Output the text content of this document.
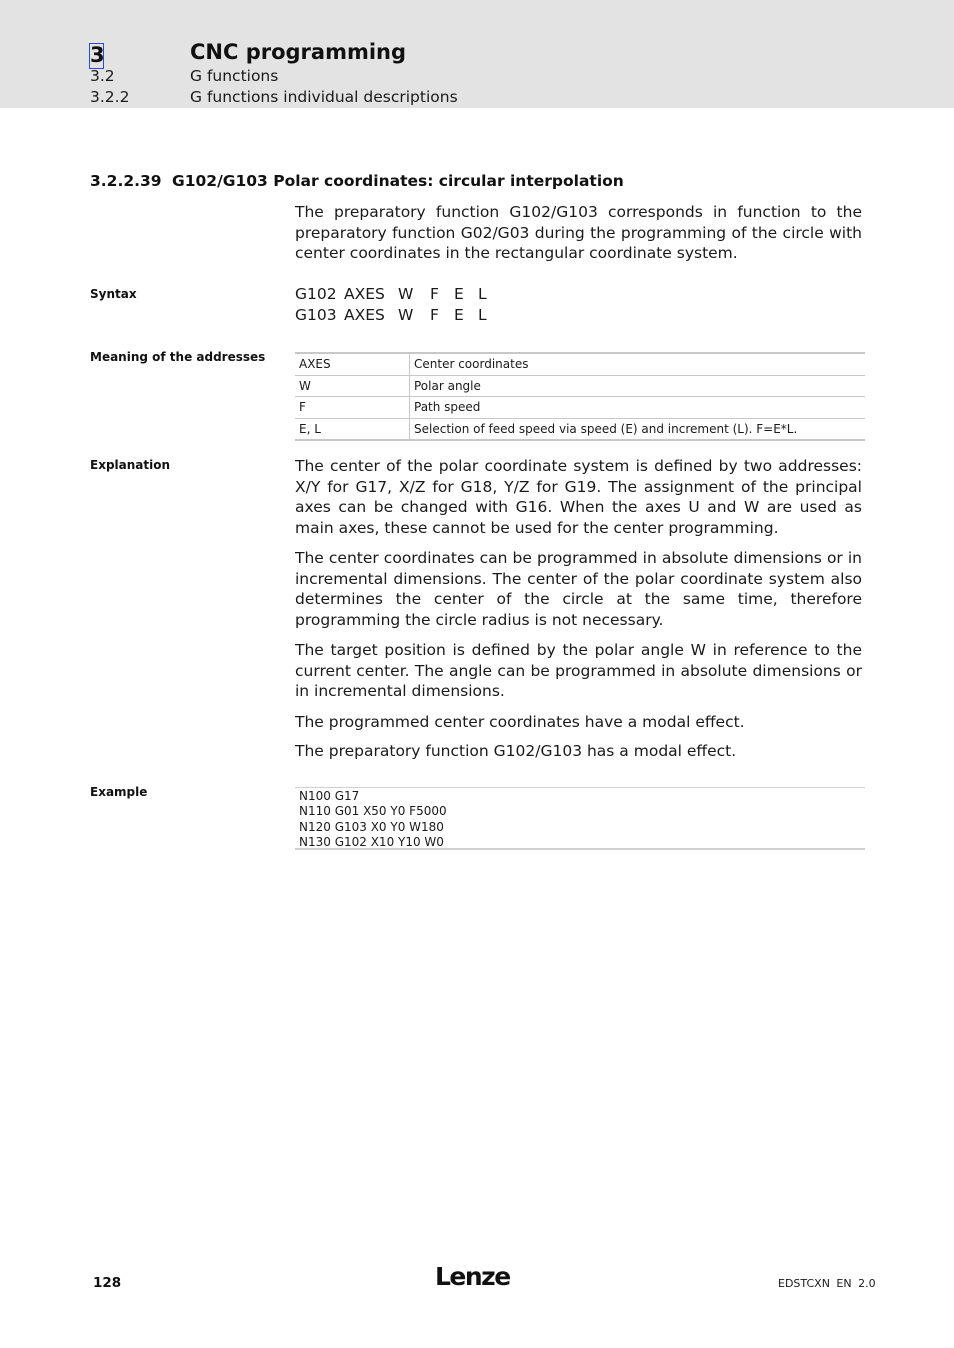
3	CNC programming
3.2	G functions
3.2.2	G functions individual descriptions
3.2.2.39 G102/G103 Polar coordinates: circular interpolation
The preparatory function G102/G103 corresponds in function to the preparatory function G02/G03 during the programming of the circle with center coordinates in the rectangular coordinate system.
Syntax	G102 AXES W F E L
G103 AXES W F E L
Meaning of the addresses
AXES	Center coordinates
W	Polar angle
F	Path speed
E, L	Selection of feed speed via speed (E) and increment (L). F=E*L.
Explanation	The center of the polar coordinate system is defined by two addresses: X/Y for G17, X/Z for G18, Y/Z for G19. The assignment of the principal axes can be changed with G16. When the axes U and W are used as main axes, these cannot be used for the center programming.
The center coordinates can be programmed in absolute dimensions or in incremental dimensions. The center of the polar coordinate system also determines the center of the circle at the same time, therefore programming the circle radius is not necessary.
The target position is defined by the polar angle W in reference to the current center. The angle can be programmed in absolute dimensions or in incremental dimensions.
The programmed center coordinates have a modal effect.
The preparatory function G102/G103 has a modal effect.
Example	N100 G17
N110 G01 X50 Y0 F5000
N120 G103 X0 Y0 W180
N130 G102 X10 Y10 W0
128	Lenze	EDSTCXN EN 2.0
